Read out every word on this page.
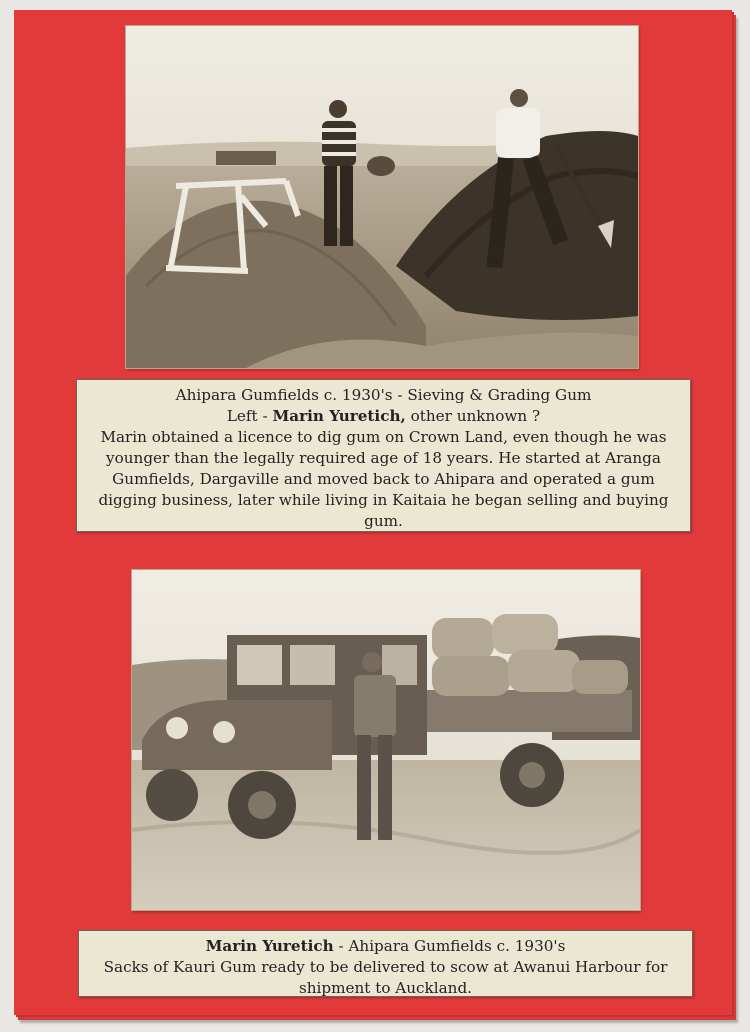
Ahipara Gumfields c. 1930's - Sieving & Grading Gum
Left - Marin Yuretich, other unknown ?
Marin obtained a licence to dig gum on Crown Land, even though he was younger than the legally required age of 18 years. He started at Aranga Gumfields, Dargaville and moved back to Ahipara and operated a gum digging business, later while living in Kaitaia he began selling and buying gum.
Marin Yuretich - Ahipara Gumfields c. 1930's
Sacks of Kauri Gum ready to be delivered to scow at Awanui Harbour for shipment to Auckland.
